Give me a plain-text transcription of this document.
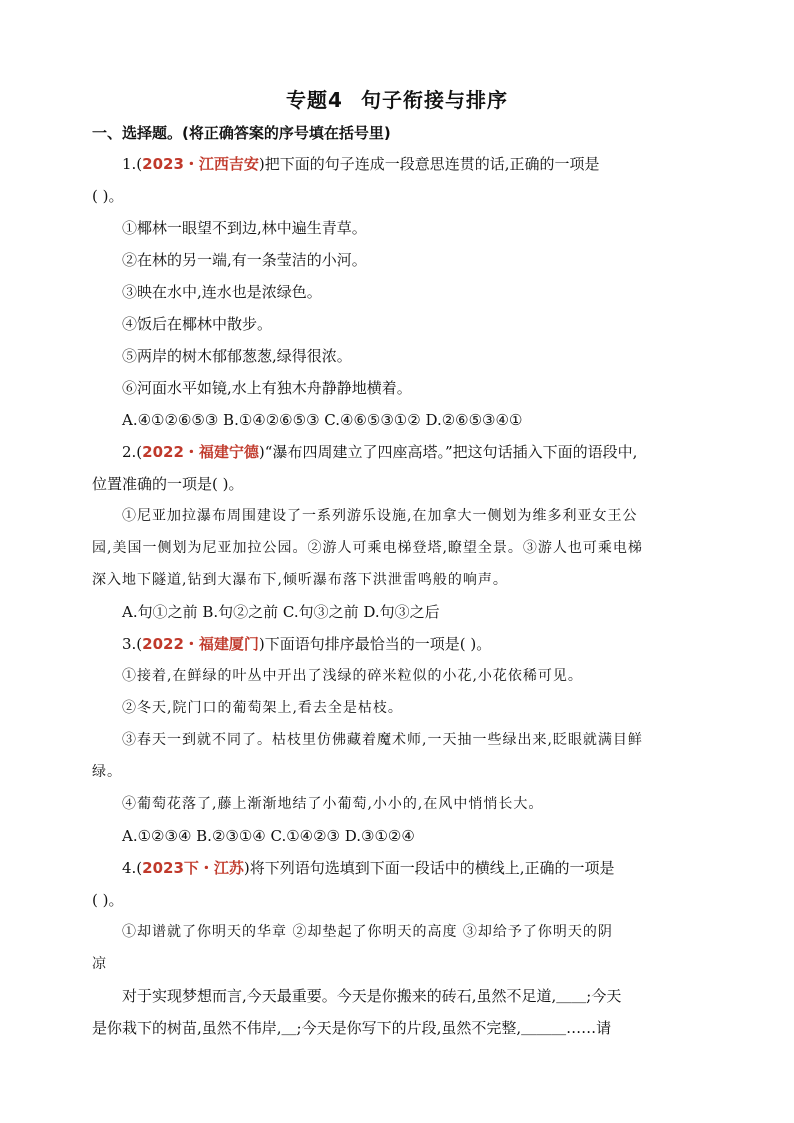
专题4 句子衔接与排序
一、选择题。(将正确答案的序号填在括号里)
1.(2023・江西吉安)把下面的句子连成一段意思连贯的话,正确的一项是
( )。
①椰林一眼望不到边,林中遍生青草。
②在林的另一端,有一条莹洁的小河。
③映在水中,连水也是浓绿色。
④饭后在椰林中散步。
⑤两岸的树木郁郁葱葱,绿得很浓。
⑥河面水平如镜,水上有独木舟静静地横着。
A.④①②⑥⑤③ B.①④②⑥⑤③ C.④⑥⑤③①② D.②⑥⑤③④①
2.(2022・福建宁德)“瀑布四周建立了四座高塔。”把这句话插入下面的语段中,
位置准确的一项是( )。
①尼亚加拉瀑布周围建设了一系列游乐设施,在加拿大一侧划为维多利亚女王公
园,美国一侧划为尼亚加拉公园。②游人可乘电梯登塔,瞭望全景。③游人也可乘电梯
深入地下隧道,钻到大瀑布下,倾听瀑布落下洪泄雷鸣般的响声。
A.句①之前 B.句②之前 C.句③之前 D.句③之后
3.(2022・福建厦门)下面语句排序最恰当的一项是( )。
①接着,在鲜绿的叶丛中开出了浅绿的碎米粒似的小花,小花依稀可见。
②冬天,院门口的葡萄架上,看去全是枯枝。
③春天一到就不同了。枯枝里仿佛藏着魔术师,一天抽一些绿出来,眨眼就满目鲜
绿。
④葡萄花落了,藤上渐渐地结了小葡萄,小小的,在风中悄悄长大。
A.①②③④ B.②③①④ C.①④②③ D.③①②④
4.(2023下・江苏)将下列语句选填到下面一段话中的横线上,正确的一项是
( )。
①却谱就了你明天的华章 ②却垫起了你明天的高度 ③却给予了你明天的阴
凉
对于实现梦想而言,今天最重要。今天是你搬来的砖石,虽然不足道,＿＿;今天
是你栽下的树苗,虽然不伟岸,＿;今天是你写下的片段,虽然不完整,＿＿＿……请
